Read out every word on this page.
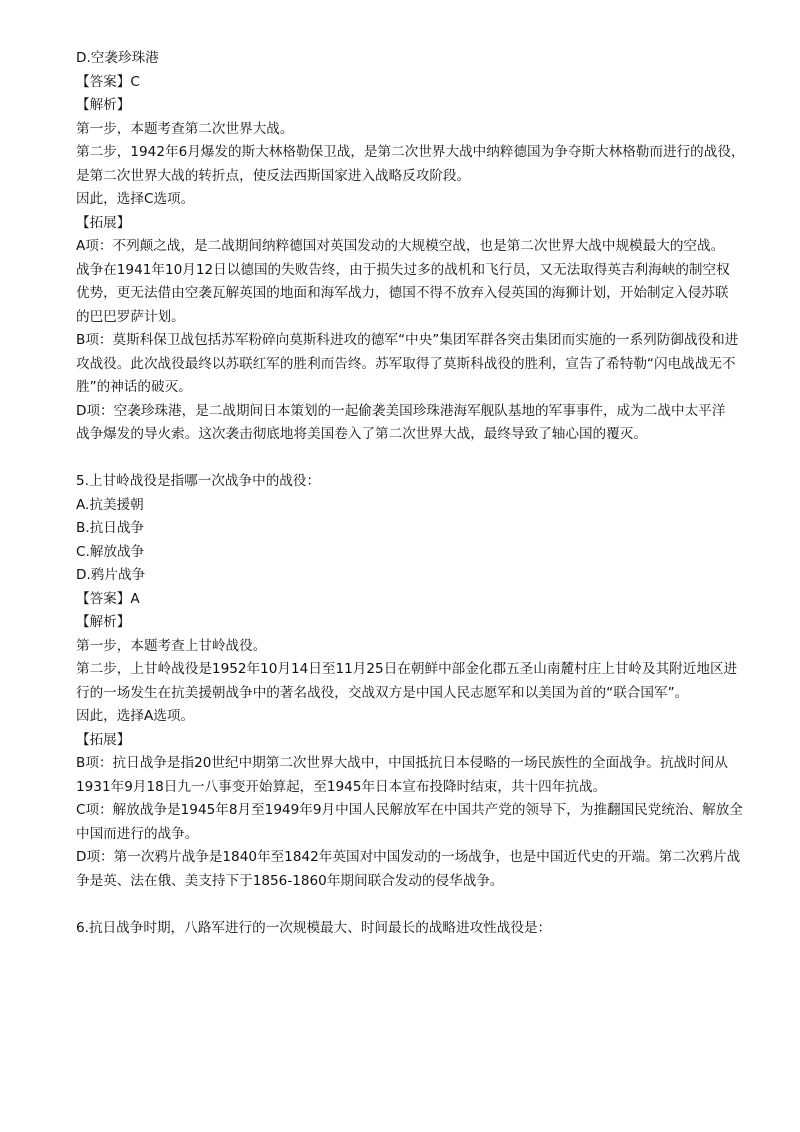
D.空袭珍珠港
【答案】C
【解析】
第一步，本题考查第二次世界大战。
第二步，1942年6月爆发的斯大林格勒保卫战，是第二次世界大战中纳粹德国为争夺斯大林格勒而进行的战役，
是第二次世界大战的转折点，使反法西斯国家进入战略反攻阶段。
因此，选择C选项。
【拓展】
A项：不列颠之战，是二战期间纳粹德国对英国发动的大规模空战，也是第二次世界大战中规模最大的空战。
战争在1941年10月12日以德国的失败告终，由于损失过多的战机和飞行员，又无法取得英吉利海峡的制空权
优势，更无法借由空袭瓦解英国的地面和海军战力，德国不得不放弃入侵英国的海狮计划，开始制定入侵苏联
的巴巴罗萨计划。
B项：莫斯科保卫战包括苏军粉碎向莫斯科进攻的德军“中央”集团军群各突击集团而实施的一系列防御战役和进
攻战役。此次战役最终以苏联红军的胜利而告终。苏军取得了莫斯科战役的胜利，宣告了希特勒“闪电战战无不
胜”的神话的破灭。
D项：空袭珍珠港，是二战期间日本策划的一起偷袭美国珍珠港海军舰队基地的军事事件，成为二战中太平洋
战争爆发的导火索。这次袭击彻底地将美国卷入了第二次世界大战，最终导致了轴心国的覆灭。
5.上甘岭战役是指哪一次战争中的战役：
A.抗美援朝
B.抗日战争
C.解放战争
D.鸦片战争
【答案】A
【解析】
第一步，本题考查上甘岭战役。
第二步，上甘岭战役是1952年10月14日至11月25日在朝鲜中部金化郡五圣山南麓村庄上甘岭及其附近地区进
行的一场发生在抗美援朝战争中的著名战役，交战双方是中国人民志愿军和以美国为首的“联合国军”。
因此，选择A选项。
【拓展】
B项：抗日战争是指20世纪中期第二次世界大战中，中国抵抗日本侵略的一场民族性的全面战争。抗战时间从
1931年9月18日九一八事变开始算起，至1945年日本宣布投降时结束，共十四年抗战。
C项：解放战争是1945年8月至1949年9月中国人民解放军在中国共产党的领导下，为推翻国民党统治、解放全
中国而进行的战争。
D项：第一次鸦片战争是1840年至1842年英国对中国发动的一场战争，也是中国近代史的开端。第二次鸦片战
争是英、法在俄、美支持下于1856-1860年期间联合发动的侵华战争。
6.抗日战争时期，八路军进行的一次规模最大、时间最长的战略进攻性战役是：
